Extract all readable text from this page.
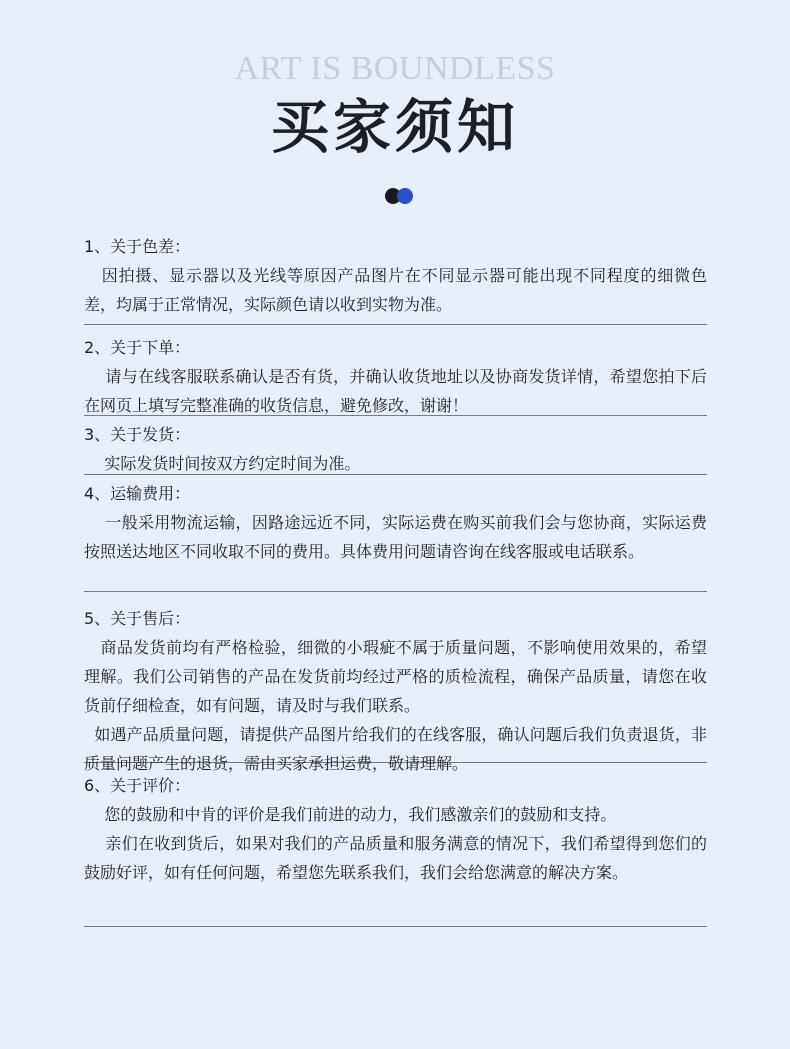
ART IS BOUNDLESS
买家须知
1、关于色差：
因拍摄、显示器以及光线等原因产品图片在不同显示器可能出现不同程度的细微色差，均属于正常情况，实际颜色请以收到实物为准。
2、关于下单：
请与在线客服联系确认是否有货，并确认收货地址以及协商发货详情，希望您拍下后在网页上填写完整准确的收货信息，避免修改，谢谢！
3、关于发货：
实际发货时间按双方约定时间为准。
4、运输费用：
一般采用物流运输，因路途远近不同，实际运费在购买前我们会与您协商，实际运费按照送达地区不同收取不同的费用。具体费用问题请咨询在线客服或电话联系。
5、关于售后：
商品发货前均有严格检验，细微的小瑕疵不属于质量问题，不影响使用效果的，希望理解。我们公司销售的产品在发货前均经过严格的质检流程，确保产品质量，请您在收货前仔细检查，如有问题，请及时与我们联系。
如遇产品质量问题，请提供产品图片给我们的在线客服，确认问题后我们负责退货，非质量问题产生的退货，需由买家承担运费，敬请理解。
6、关于评价：
您的鼓励和中肯的评价是我们前进的动力，我们感激亲们的鼓励和支持。
亲们在收到货后，如果对我们的产品质量和服务满意的情况下，我们希望得到您们的鼓励好评，如有任何问题，希望您先联系我们，我们会给您满意的解决方案。
